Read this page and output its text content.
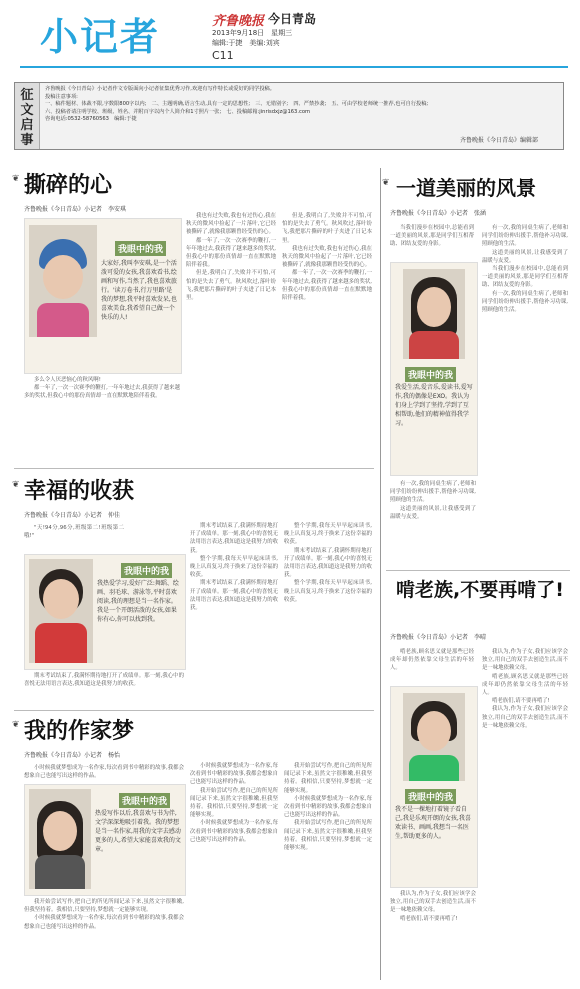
小记者	齐鲁晚报 今日青岛
2013年9月18日　星期三
编辑:于捷　美编:刘宾
C11
征文启事
齐鲁晚报《今日青岛》小记者作文专版面向小记者征集优秀习作,欢迎有写作特长或爱好的同学投稿。
投稿注意事项:
一、稿件题材、体裁不限,字数限800字以内;　二、主题明确,语言生动,具有一定的思想性;　三、无错别字;　四、严禁抄袭;　五、可由学校老师统一推荐,也可自行投稿;
六、投稿者请注明学校、班级、姓名、并附百字以内个人简介和1寸照片一张;　七、投稿邮箱:jinrisdxjz@163.com
咨询电话:0532-58760563　编辑:于捷
齐鲁晚报《今日青岛》编辑部
❦ 撕碎的心
齐鲁晚报《今日青岛》小记者　李安琪
我眼中的我
大家好,我叫李安琪,是一个活泼可爱的女孩,我喜欢看书,绘画和写作,当然了,我也喜欢旅行。'读万卷书,行万里路'是我的梦想,我平时喜欢发呆,也喜欢美食,我希望自己做一个快乐的人!

多么令人厌恶恼心的秋风啊!

都一年了,一次一次赛季的鞭打,一年年地过去,我获得了越来越多的奖状,但我心中的那份真情却一直在默默地陪伴着我。

我也有过失败,我也有过伤心,我在秋天的微风中捡起了一片落叶,它已经被撕碎了,就像我那颗曾经受伤的心。

都一年了,一次一次赛季的鞭打,一年年地过去,我获得了越来越多的奖状,但我心中的那份真情却一直在默默地陪伴着我。

但是,我明白了,失败并不可怕,可怕的是失去了勇气。秋风吹过,落叶纷飞,我把那片撕碎的叶子夹进了日记本里。

但是,我明白了,失败并不可怕,可怕的是失去了勇气。秋风吹过,落叶纷飞,我把那片撕碎的叶子夹进了日记本里。

我也有过失败,我也有过伤心,我在秋天的微风中捡起了一片落叶,它已经被撕碎了,就像我那颗曾经受伤的心。

都一年了,一次一次赛季的鞭打,一年年地过去,我获得了越来越多的奖状,但我心中的那份真情却一直在默默地陪伴着我。

❦ 幸福的收获
齐鲁晚报《今日青岛》小记者　仲佳

"天!94分,96分,班级第二!班级第二哦!"

我眼中的我
我热爱学习,爱好广泛:舞蹈、绘画、羽毛球、游泳等,平时喜欢阅读,我的理想是当一名作家。我是一个开朗活泼的女孩,如果你有心,你可以找到我。

期末考试结束了,我满怀期待地打开了成绩单。那一刻,我心中的喜悦无法用语言表达,我知道这是我努力的收获。

期末考试结束了,我满怀期待地打开了成绩单。那一刻,我心中的喜悦无法用语言表达,我知道这是我努力的收获。

整个学期,我每天早早起床读书,晚上认真复习,终于换来了这份幸福的收获。

期末考试结束了,我满怀期待地打开了成绩单。那一刻,我心中的喜悦无法用语言表达,我知道这是我努力的收获。

整个学期,我每天早早起床读书,晚上认真复习,终于换来了这份幸福的收获。

期末考试结束了,我满怀期待地打开了成绩单。那一刻,我心中的喜悦无法用语言表达,我知道这是我努力的收获。

整个学期,我每天早早起床读书,晚上认真复习,终于换来了这份幸福的收获。

❦ 我的作家梦
齐鲁晚报《今日青岛》小记者　杨怡

小时候我就梦想成为一名作家,每次看到书中精彩的故事,我都会想象自己也能写出这样的作品。

我眼中的我
热爱写作以后,我喜欢与书为伴,文学深深地吸引着我。我的梦想是当一名作家,用我的文字去感动更多的人,希望大家能喜欢我的文章。

我开始尝试写作,把自己的所见所闻记录下来,虽然文字很稚嫩,但我坚持着。我相信,只要坚持,梦想就一定能够实现。

小时候我就梦想成为一名作家,每次看到书中精彩的故事,我都会想象自己也能写出这样的作品。

小时候我就梦想成为一名作家,每次看到书中精彩的故事,我都会想象自己也能写出这样的作品。

我开始尝试写作,把自己的所见所闻记录下来,虽然文字很稚嫩,但我坚持着。我相信,只要坚持,梦想就一定能够实现。

小时候我就梦想成为一名作家,每次看到书中精彩的故事,我都会想象自己也能写出这样的作品。

我开始尝试写作,把自己的所见所闻记录下来,虽然文字很稚嫩,但我坚持着。我相信,只要坚持,梦想就一定能够实现。

小时候我就梦想成为一名作家,每次看到书中精彩的故事,我都会想象自己也能写出这样的作品。

我开始尝试写作,把自己的所见所闻记录下来,虽然文字很稚嫩,但我坚持着。我相信,只要坚持,梦想就一定能够实现。

❦ 一道美丽的风景
齐鲁晚报《今日青岛》小记者　张涵

当我们漫步在校园中,总能看到一道美丽的风景,那是同学们互相帮助、团结友爱的身影。

我眼中的我
我爱生活,爱音乐,爱读书,爱写作,我的偶像是EXO。我认为们身上学到了坚持,学到了互相帮助,他们的精神值得我学习。

有一次,我的同桌生病了,老师和同学们纷纷伸出援手,帮他补习功课,照顾他的生活。

这道美丽的风景,让我感受到了温暖与友爱。

有一次,我的同桌生病了,老师和同学们纷纷伸出援手,帮他补习功课,照顾他的生活。

这道美丽的风景,让我感受到了温暖与友爱。

当我们漫步在校园中,总能看到一道美丽的风景,那是同学们互相帮助、团结友爱的身影。

有一次,我的同桌生病了,老师和同学们纷纷伸出援手,帮他补习功课,照顾他的生活。

啃老族,不要再啃了!
齐鲁晚报《今日青岛》小记者　李晴

啃老族,顾名思义就是那些已经成年却仍然依靠父母生活的年轻人。

我眼中的我
我不是一棵地打着镜子看自己,我是乐观开朗的女孩,我喜欢读书、画画,我想当一名医生,帮助更多的人。

我认为,作为子女,我们应该学会独立,用自己的双手去创造生活,而不是一味地依赖父母。

啃老族们,请不要再啃了!

我认为,作为子女,我们应该学会独立,用自己的双手去创造生活,而不是一味地依赖父母。

啃老族,顾名思义就是那些已经成年却仍然依靠父母生活的年轻人。

啃老族们,请不要再啃了!

我认为,作为子女,我们应该学会独立,用自己的双手去创造生活,而不是一味地依赖父母。
